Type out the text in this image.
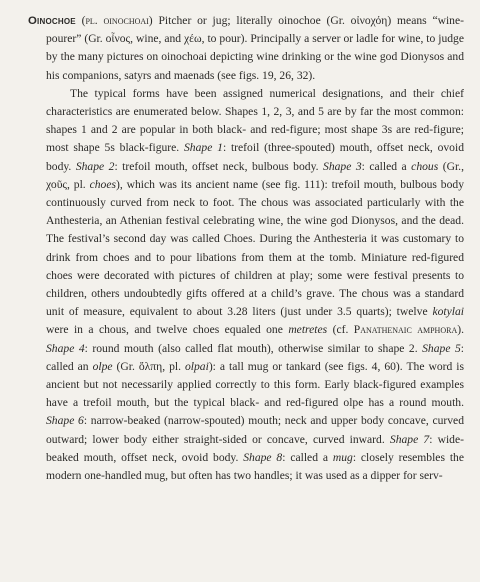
Oinochoe (pl. oinochoai) Pitcher or jug; literally oinochoe (Gr. οἰνοχόη) means “wine-pourer” (Gr. οἶνος, wine, and χέω, to pour). Principally a server or ladle for wine, to judge by the many pictures on oinochoai depicting wine drinking or the wine god Dionysos and his companions, satyrs and maenads (see figs. 19, 26, 32).

The typical forms have been assigned numerical designations, and their chief characteristics are enumerated below. Shapes 1, 2, 3, and 5 are by far the most common: shapes 1 and 2 are popular in both black- and red-figure; most shape 3s are red-figure; most shape 5s black-figure. Shape 1: trefoil (three-spouted) mouth, offset neck, ovoid body. Shape 2: trefoil mouth, offset neck, bulbous body. Shape 3: called a chous (Gr., χοῦς, pl. choes), which was its ancient name (see fig. 111): trefoil mouth, bulbous body continuously curved from neck to foot. The chous was associated particularly with the Anthesteria, an Athenian festival celebrating wine, the wine god Dionysos, and the dead. The festival’s second day was called Choes. During the Anthesteria it was customary to drink from choes and to pour libations from them at the tomb. Miniature red-figured choes were decorated with pictures of children at play; some were festival presents to children, others undoubtedly gifts offered at a child’s grave. The chous was a standard unit of measure, equivalent to about 3.28 liters (just under 3.5 quarts); twelve kotylai were in a chous, and twelve choes equaled one metretes (cf. Panathenaic amphora). Shape 4: round mouth (also called flat mouth), otherwise similar to shape 2. Shape 5: called an olpe (Gr. ὄλπη, pl. olpai): a tall mug or tankard (see figs. 4, 60). The word is ancient but not necessarily applied correctly to this form. Early black-figured examples have a trefoil mouth, but the typical black- and red-figured olpe has a round mouth. Shape 6: narrow-beaked (narrow-spouted) mouth; neck and upper body concave, curved outward; lower body either straight-sided or concave, curved inward. Shape 7: wide-beaked mouth, offset neck, ovoid body. Shape 8: called a mug: closely resembles the modern one-handled mug, but often has two handles; it was used as a dipper for serv-
